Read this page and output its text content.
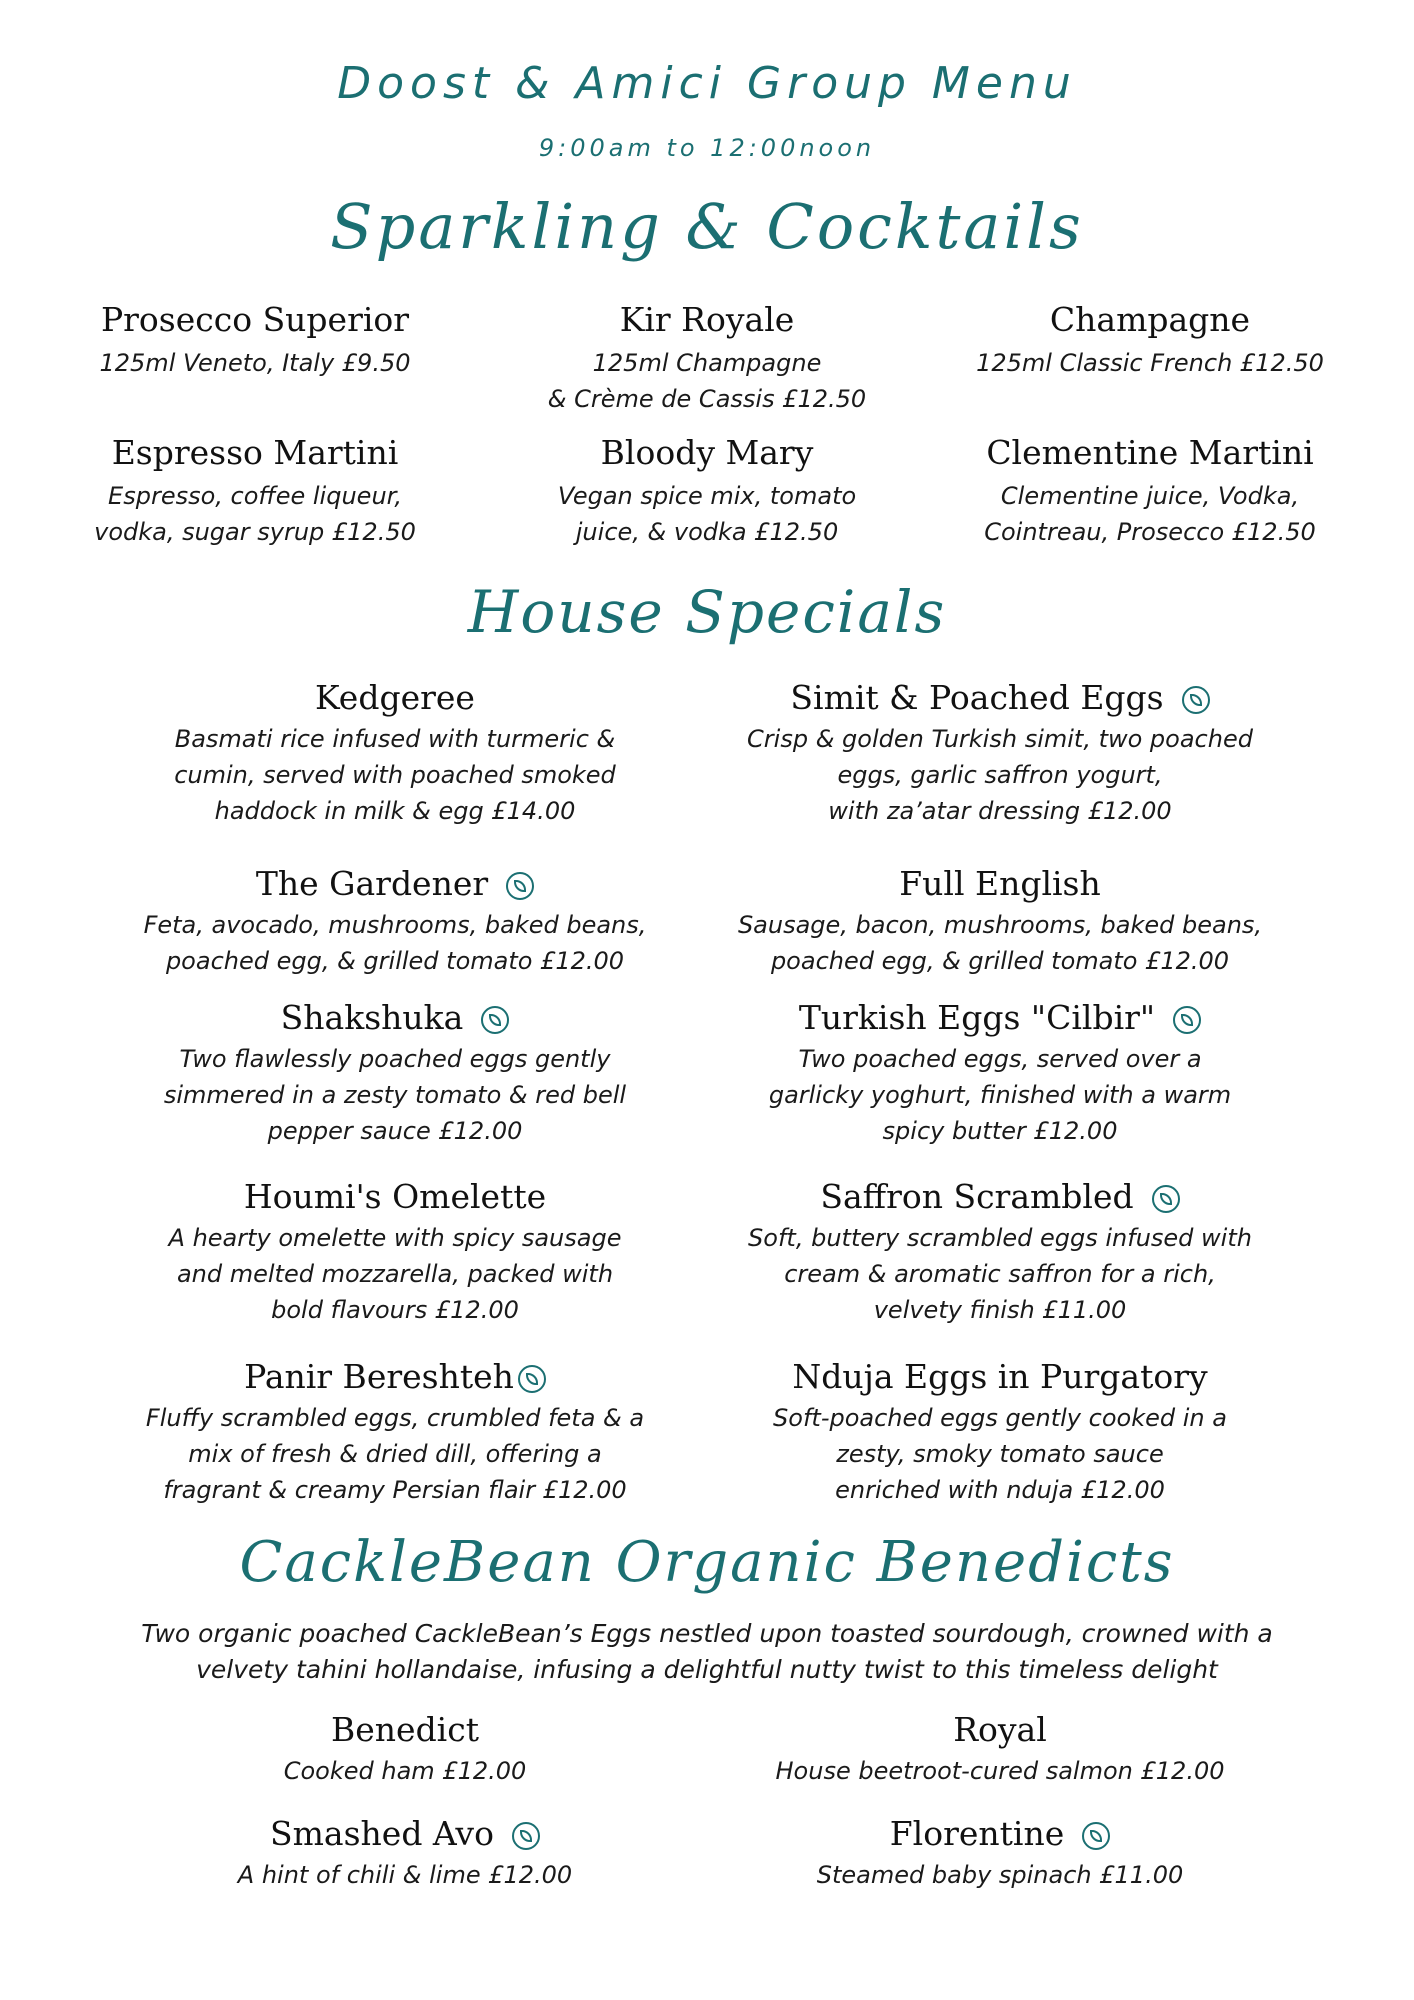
Doost & Amici Group Menu
9:00am to 12:00noon
Sparkling & Cocktails
Prosecco Superior
125ml Veneto, Italy £9.50
Kir Royale
125ml Champagne
& Crème de Cassis £12.50
Champagne
125ml Classic French £12.50
Espresso Martini
Espresso, coffee liqueur,
vodka, sugar syrup £12.50
Bloody Mary
Vegan spice mix, tomato
juice, & vodka £12.50
Clementine Martini
Clementine juice, Vodka,
Cointreau, Prosecco £12.50
House Specials
Kedgeree
Basmati rice infused with turmeric &
cumin, served with poached smoked
haddock in milk & egg £14.00
Simit & Poached Eggs
Crisp & golden Turkish simit, two poached
eggs, garlic saffron yogurt,
with za’atar dressing £12.00
The Gardener
Feta, avocado, mushrooms, baked beans,
poached egg, & grilled tomato £12.00
Full English
Sausage, bacon, mushrooms, baked beans,
poached egg, & grilled tomato £12.00
Shakshuka
Two flawlessly poached eggs gently
simmered in a zesty tomato & red bell
pepper sauce £12.00
Turkish Eggs "Cilbir"
Two poached eggs, served over a
garlicky yoghurt, finished with a warm
spicy butter £12.00
Houmi's Omelette
A hearty omelette with spicy sausage
and melted mozzarella, packed with
bold flavours £12.00
Saffron Scrambled
Soft, buttery scrambled eggs infused with
cream & aromatic saffron for a rich,
velvety finish £11.00
Panir Bereshteh
Fluffy scrambled eggs, crumbled feta & a
mix of fresh & dried dill, offering a
fragrant & creamy Persian flair £12.00
Nduja Eggs in Purgatory
Soft-poached eggs gently cooked in a
zesty, smoky tomato sauce
enriched with nduja £12.00
CackleBean Organic Benedicts
Two organic poached CackleBean’s Eggs nestled upon toasted sourdough, crowned with a
velvety tahini hollandaise, infusing a delightful nutty twist to this timeless delight
Benedict
Cooked ham £12.00
Royal
House beetroot-cured salmon £12.00
Smashed Avo
A hint of chili & lime £12.00
Florentine
Steamed baby spinach £11.00
